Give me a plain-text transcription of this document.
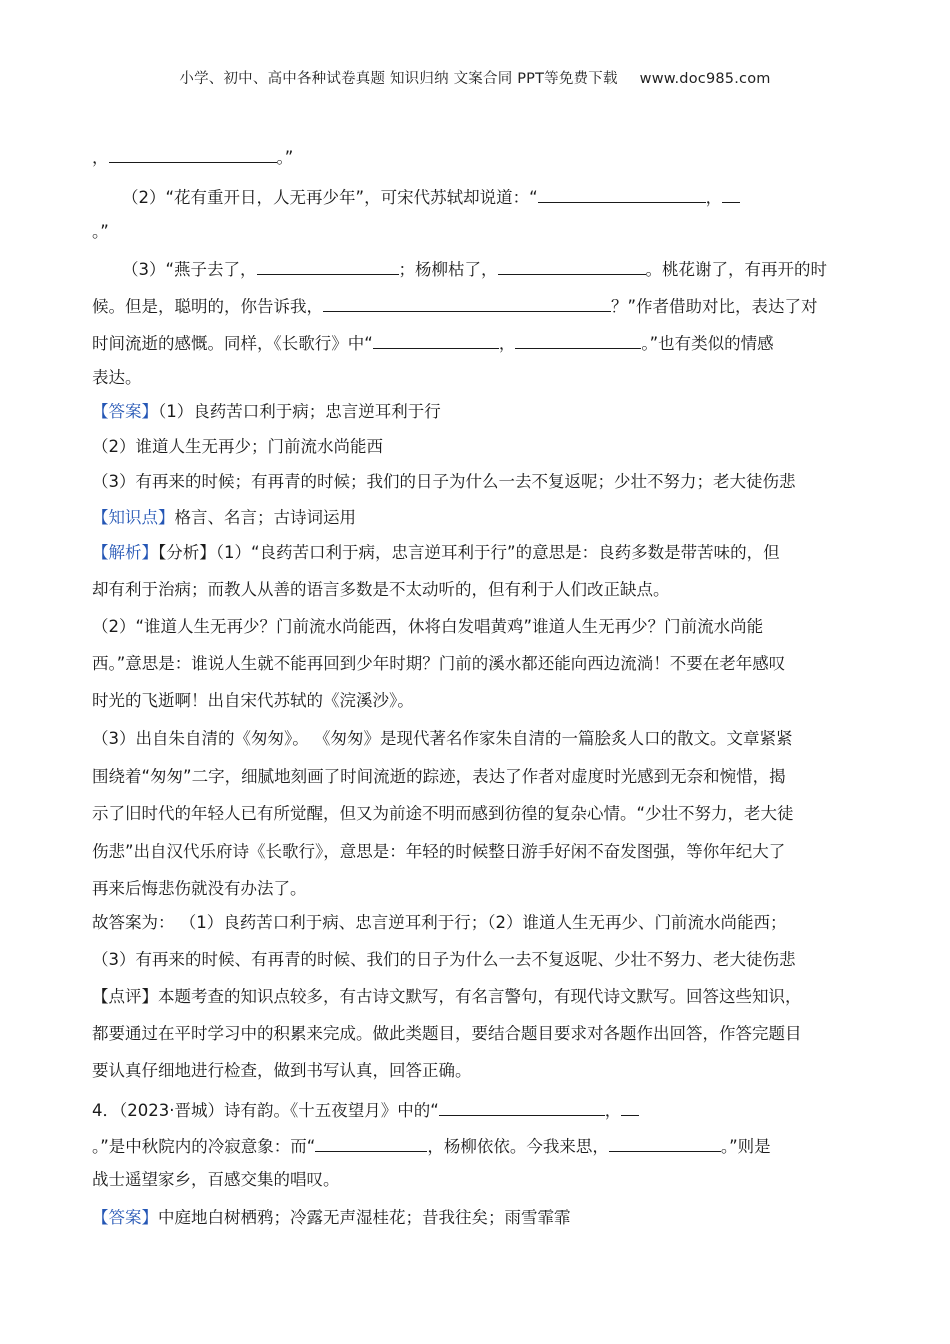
小学、初中、高中各种试卷真题 知识归纳 文案合同 PPT等免费下载 www.doc985.com
，	。”
（2）“花有重开日，人无再少年”，可宋代苏轼却说道：“	，
。”
（3）“燕子去了，	；杨柳枯了，	。桃花谢了，有再开的时
候。但是，聪明的，你告诉我，	？”作者借助对比，表达了对
时间流逝的感慨。同样，《长歌行》中“	，	。”也有类似的情感
表达。
【答案】（1）良药苦口利于病；忠言逆耳利于行
（2）谁道人生无再少；门前流水尚能西
（3）有再来的时候；有再青的时候；我们的日子为什么一去不复返呢；少壮不努力；老大徒伤悲
【知识点】格言、名言；古诗词运用
【解析】【分析】（1）“良药苦口利于病，忠言逆耳利于行”的意思是：良药多数是带苦味的，但
却有利于治病；而教人从善的语言多数是不太动听的，但有利于人们改正缺点。
（2）“谁道人生无再少？门前流水尚能西，休将白发唱黄鸡”谁道人生无再少？门前流水尚能
西。”意思是：谁说人生就不能再回到少年时期？门前的溪水都还能向西边流淌！不要在老年感叹
时光的飞逝啊！出自宋代苏轼的《浣溪沙》。
（3）出自朱自清的《匆匆》。 《匆匆》是现代著名作家朱自清的一篇脍炙人口的散文。文章紧紧
围绕着“匆匆”二字，细腻地刻画了时间流逝的踪迹，表达了作者对虚度时光感到无奈和惋惜，揭
示了旧时代的年轻人已有所觉醒，但又为前途不明而感到彷徨的复杂心情。“少壮不努力，老大徒
伤悲”出自汉代乐府诗《长歌行》，意思是：年轻的时候整日游手好闲不奋发图强，等你年纪大了
再来后悔悲伤就没有办法了。
故答案为： （1）良药苦口利于病、忠言逆耳利于行；（2）谁道人生无再少、门前流水尚能西；
（3）有再来的时候、有再青的时候、我们的日子为什么一去不复返呢、少壮不努力、老大徒伤悲
【点评】本题考查的知识点较多，有古诗文默写，有名言警句，有现代诗文默写。回答这些知识，
都要通过在平时学习中的积累来完成。做此类题目，要结合题目要求对各题作出回答，作答完题目
要认真仔细地进行检查，做到书写认真，回答正确。
4．（2023·晋城）诗有韵。《十五夜望月》中的“	，
。”是中秋院内的冷寂意象：而“	，杨柳依依。今我来思，	。”则是
战士遥望家乡，百感交集的唱叹。
【答案】中庭地白树栖鸦；冷露无声湿桂花；昔我往矣；雨雪霏霏
